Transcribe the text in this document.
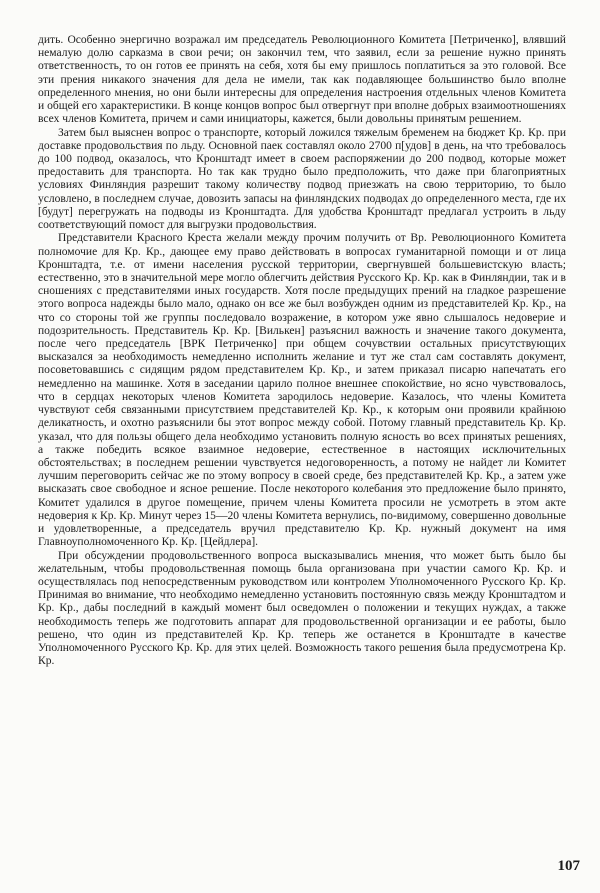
дить. Особенно энергично возражал им председатель Революционного Комитета [Петриченко], влявший немалую долю сарказма в свои речи; он закончил тем, что заявил, если за решение нужно принять ответственность, то он готов ее принять на себя, хотя бы ему пришлось поплатиться за это головой. Все эти прения никакого значения для дела не имели, так как подавляющее большинство было вполне определенного мнения, но они были интересны для определения настроения отдельных членов Комитета и общей его характеристики. В конце концов вопрос был отвергнут при вполне добрых взаимоотношениях всех членов Комитета, причем и сами инициаторы, кажется, были довольны принятым решением.

Затем был выяснен вопрос о транспорте, который ложился тяжелым бременем на бюджет Кр. Кр. при доставке продовольствия по льду. Основной паек составлял около 2700 п[удов] в день, на что требовалось до 100 подвод, оказалось, что Кронштадт имеет в своем распоряжении до 200 подвод, которые может предоставить для транспорта. Но так как трудно было предположить, что даже при благоприятных условиях Финляндия разрешит такому количеству подвод приезжать на свою территорию, то было условлено, в последнем случае, довозить запасы на финляндских подводах до определенного места, где их [будут] перегружать на подводы из Кронштадта. Для удобства Кронштадт предлагал устроить в льду соответствующий помост для выгрузки продовольствия.

Представители Красного Креста желали между прочим получить от Вр. Революционного Комитета полномочие для Кр. Кр., дающее ему право действовать в вопросах гуманитарной помощи и от лица Кронштадта, т.е. от имени населения русской территории, свергнувшей большевистскую власть; естественно, это в значительной мере могло облегчить действия Русского Кр. Кр. как в Финляндии, так и в сношениях с представителями иных государств. Хотя после предыдущих прений на гладкое разрешение этого вопроса надежды было мало, однако он все же был возбужден одним из представителей Кр. Кр., на что со стороны той же группы последовало возражение, в котором уже явно слышалось недоверие и подозрительность. Представитель Кр. Кр. [Вилькен] разъяснил важность и значение такого документа, после чего председатель [ВРК Петриченко] при общем сочувствии остальных присутствующих высказался за необходимость немедленно исполнить желание и тут же стал сам составлять документ, посоветовавшись с сидящим рядом представителем Кр. Кр., и затем приказал писарю напечатать его немедленно на машинке. Хотя в заседании царило полное внешнее спокойствие, но ясно чувствовалось, что в сердцах некоторых членов Комитета зародилось недоверие. Казалось, что члены Комитета чувствуют себя связанными присутствием представителей Кр. Кр., к которым они проявили крайнюю деликатность, и охотно разъяснили бы этот вопрос между собой. Потому главный представитель Кр. Кр. указал, что для пользы общего дела необходимо установить полную ясность во всех принятых решениях, а также победить всякое взаимное недоверие, естественное в настоящих исключительных обстоятельствах; в последнем решении чувствуется недоговоренность, а потому не найдет ли Комитет лучшим переговорить сейчас же по этому вопросу в своей среде, без представителей Кр. Кр., а затем уже высказать свое свободное и ясное решение. После некоторого колебания это предложение было принято, Комитет удалился в другое помещение, причем члены Комитета просили не усмотреть в этом акте недоверия к Кр. Кр. Минут через 15—20 члены Комитета вернулись, по-видимому, совершенно довольные и удовлетворенные, а председатель вручил представителю Кр. Кр. нужный документ на имя Главноуполномоченного Кр. Кр. [Цейдлера].

При обсуждении продовольственного вопроса высказывались мнения, что может быть было бы желательным, чтобы продовольственная помощь была организована при участии самого Кр. Кр. и осуществлялась под непосредственным руководством или контролем Уполномоченного Русского Кр. Кр. Принимая во внимание, что необходимо немедленно установить постоянную связь между Кронштадтом и Кр. Кр., дабы последний в каждый момент был осведомлен о положении и текущих нуждах, а также необходимость теперь же подготовить аппарат для продовольственной организации и ее работы, было решено, что один из представителей Кр. Кр. теперь же останется в Кронштадте в качестве Уполномоченного Русского Кр. Кр. для этих целей. Возможность такого решения была предусмотрена Кр. Кр.

107
